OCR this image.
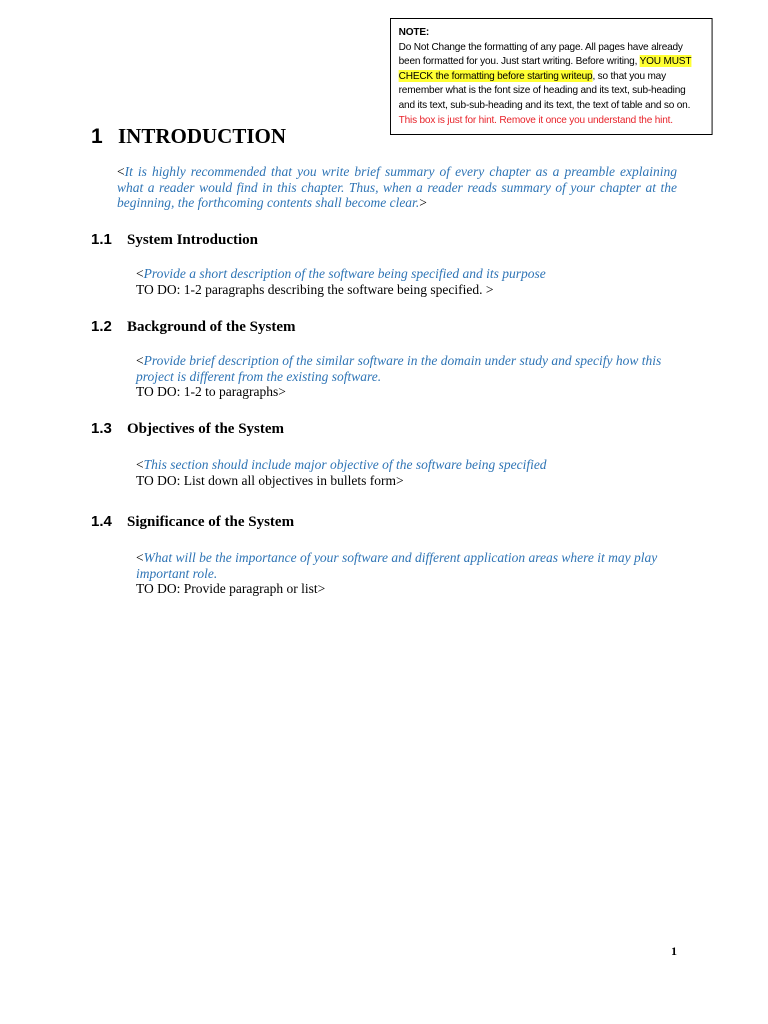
NOTE:
Do Not Change the formatting of any page. All pages have already been formatted for you. Just start writing. Before writing, YOU MUST CHECK the formatting before starting writeup, so that you may remember what is the font size of heading and its text, sub-heading and its text, sub-sub-heading and its text, the text of table and so on. This box is just for hint. Remove it once you understand the hint.
1 INTRODUCTION
<It is highly recommended that you write brief summary of every chapter as a preamble explaining what a reader would find in this chapter. Thus, when a reader reads summary of your chapter at the beginning, the forthcoming contents shall become clear.>
1.1 System Introduction
<Provide a short description of the software being specified and its purpose
TO DO: 1-2 paragraphs describing the software being specified. >
1.2 Background of the System
<Provide brief description of the similar software in the domain under study and specify how this project is different from the existing software.
TO DO: 1-2 to paragraphs>
1.3 Objectives of the System
<This section should include major objective of the software being specified
TO DO: List down all objectives in bullets form>
1.4 Significance of the System
<What will be the importance of your software and different application areas where it may play important role.
TO DO: Provide paragraph or list>
1
